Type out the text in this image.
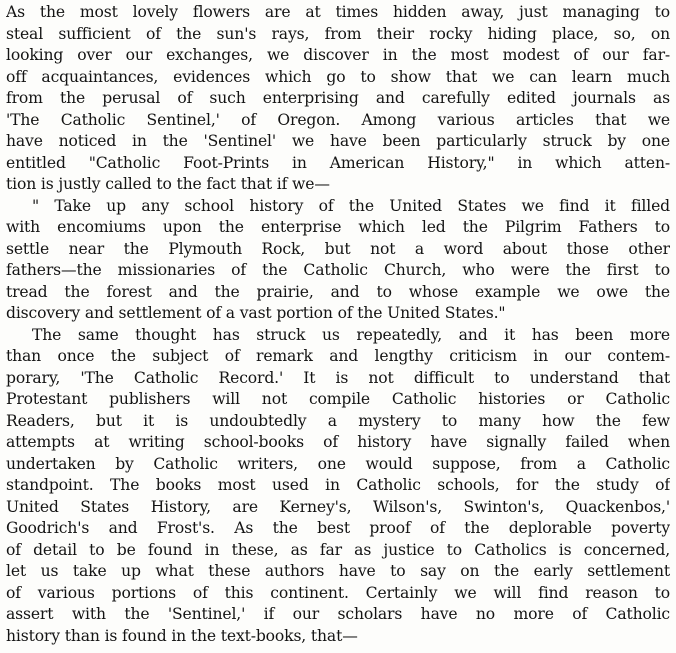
As the most lovely flowers are at times hidden away, just managing to
steal sufficient of the sun's rays, from their rocky hiding place, so, on
looking over our exchanges, we discover in the most modest of our far-
off acquaintances, evidences which go to show that we can learn much
from the perusal of such enterprising and carefully edited journals as
'The Catholic Sentinel,' of Oregon. Among various articles that we
have noticed in the 'Sentinel' we have been particularly struck by one
entitled "Catholic Foot-Prints in American History," in which atten-
tion is justly called to the fact that if we—
" Take up any school history of the United States we find it filled
with encomiums upon the enterprise which led the Pilgrim Fathers to
settle near the Plymouth Rock, but not a word about those other
fathers—the missionaries of the Catholic Church, who were the first to
tread the forest and the prairie, and to whose example we owe the
discovery and settlement of a vast portion of the United States."
The same thought has struck us repeatedly, and it has been more
than once the subject of remark and lengthy criticism in our contem-
porary, 'The Catholic Record.' It is not difficult to understand that
Protestant publishers will not compile Catholic histories or Catholic
Readers, but it is undoubtedly a mystery to many how the few
attempts at writing school-books of history have signally failed when
undertaken by Catholic writers, one would suppose, from a Catholic
standpoint. The books most used in Catholic schools, for the study of
United States History, are Kerney's, Wilson's, Swinton's, Quackenbos,'
Goodrich's and Frost's. As the best proof of the deplorable poverty
of detail to be found in these, as far as justice to Catholics is concerned,
let us take up what these authors have to say on the early settlement
of various portions of this continent. Certainly we will find reason to
assert with the 'Sentinel,' if our scholars have no more of Catholic
history than is found in the text-books, that—
